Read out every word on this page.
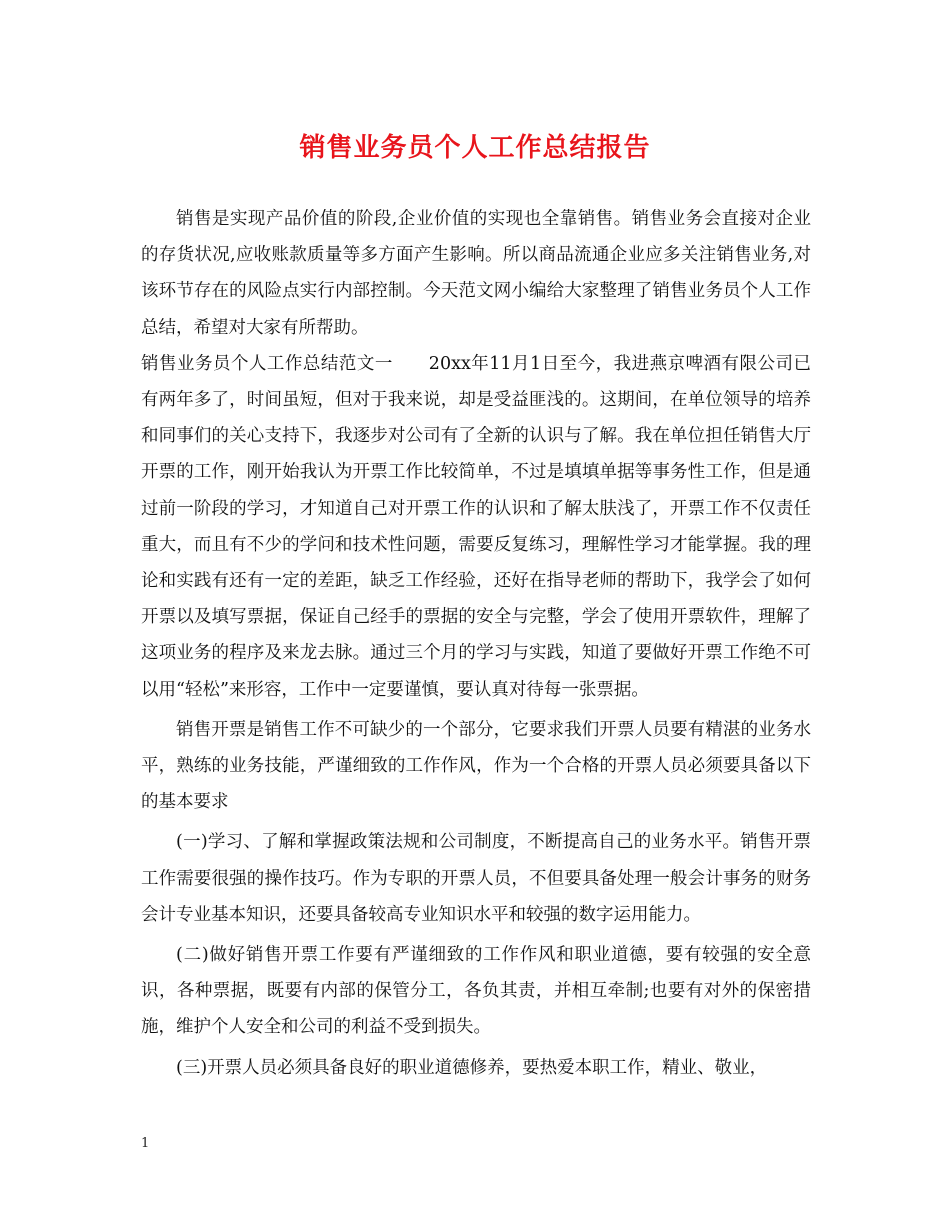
销售业务员个人工作总结报告

销售是实现产品价值的阶段,企业价值的实现也全靠销售。销售业务会直接对企业的存货状况,应收账款质量等多方面产生影响。所以商品流通企业应多关注销售业务,对该环节存在的风险点实行内部控制。今天范文网小编给大家整理了销售业务员个人工作总结，希望对大家有所帮助。

销售业务员个人工作总结范文一　　20xx年11月1日至今，我进燕京啤酒有限公司已有两年多了，时间虽短，但对于我来说，却是受益匪浅的。这期间，在单位领导的培养和同事们的关心支持下，我逐步对公司有了全新的认识与了解。我在单位担任销售大厅开票的工作，刚开始我认为开票工作比较简单，不过是填填单据等事务性工作，但是通过前一阶段的学习，才知道自己对开票工作的认识和了解太肤浅了，开票工作不仅责任重大，而且有不少的学问和技术性问题，需要反复练习，理解性学习才能掌握。我的理论和实践有还有一定的差距，缺乏工作经验，还好在指导老师的帮助下，我学会了如何开票以及填写票据，保证自己经手的票据的安全与完整，学会了使用开票软件，理解了这项业务的程序及来龙去脉。通过三个月的学习与实践，知道了要做好开票工作绝不可以用“轻松”来形容，工作中一定要谨慎，要认真对待每一张票据。

销售开票是销售工作不可缺少的一个部分，它要求我们开票人员要有精湛的业务水平，熟练的业务技能，严谨细致的工作作风，作为一个合格的开票人员必须要具备以下的基本要求

(一)学习、了解和掌握政策法规和公司制度，不断提高自己的业务水平。销售开票工作需要很强的操作技巧。作为专职的开票人员，不但要具备处理一般会计事务的财务会计专业基本知识，还要具备较高专业知识水平和较强的数字运用能力。

(二)做好销售开票工作要有严谨细致的工作作风和职业道德，要有较强的安全意识，各种票据，既要有内部的保管分工，各负其责，并相互牵制;也要有对外的保密措施，维护个人安全和公司的利益不受到损失。

(三)开票人员必须具备良好的职业道德修养，要热爱本职工作，精业、敬业，

1
